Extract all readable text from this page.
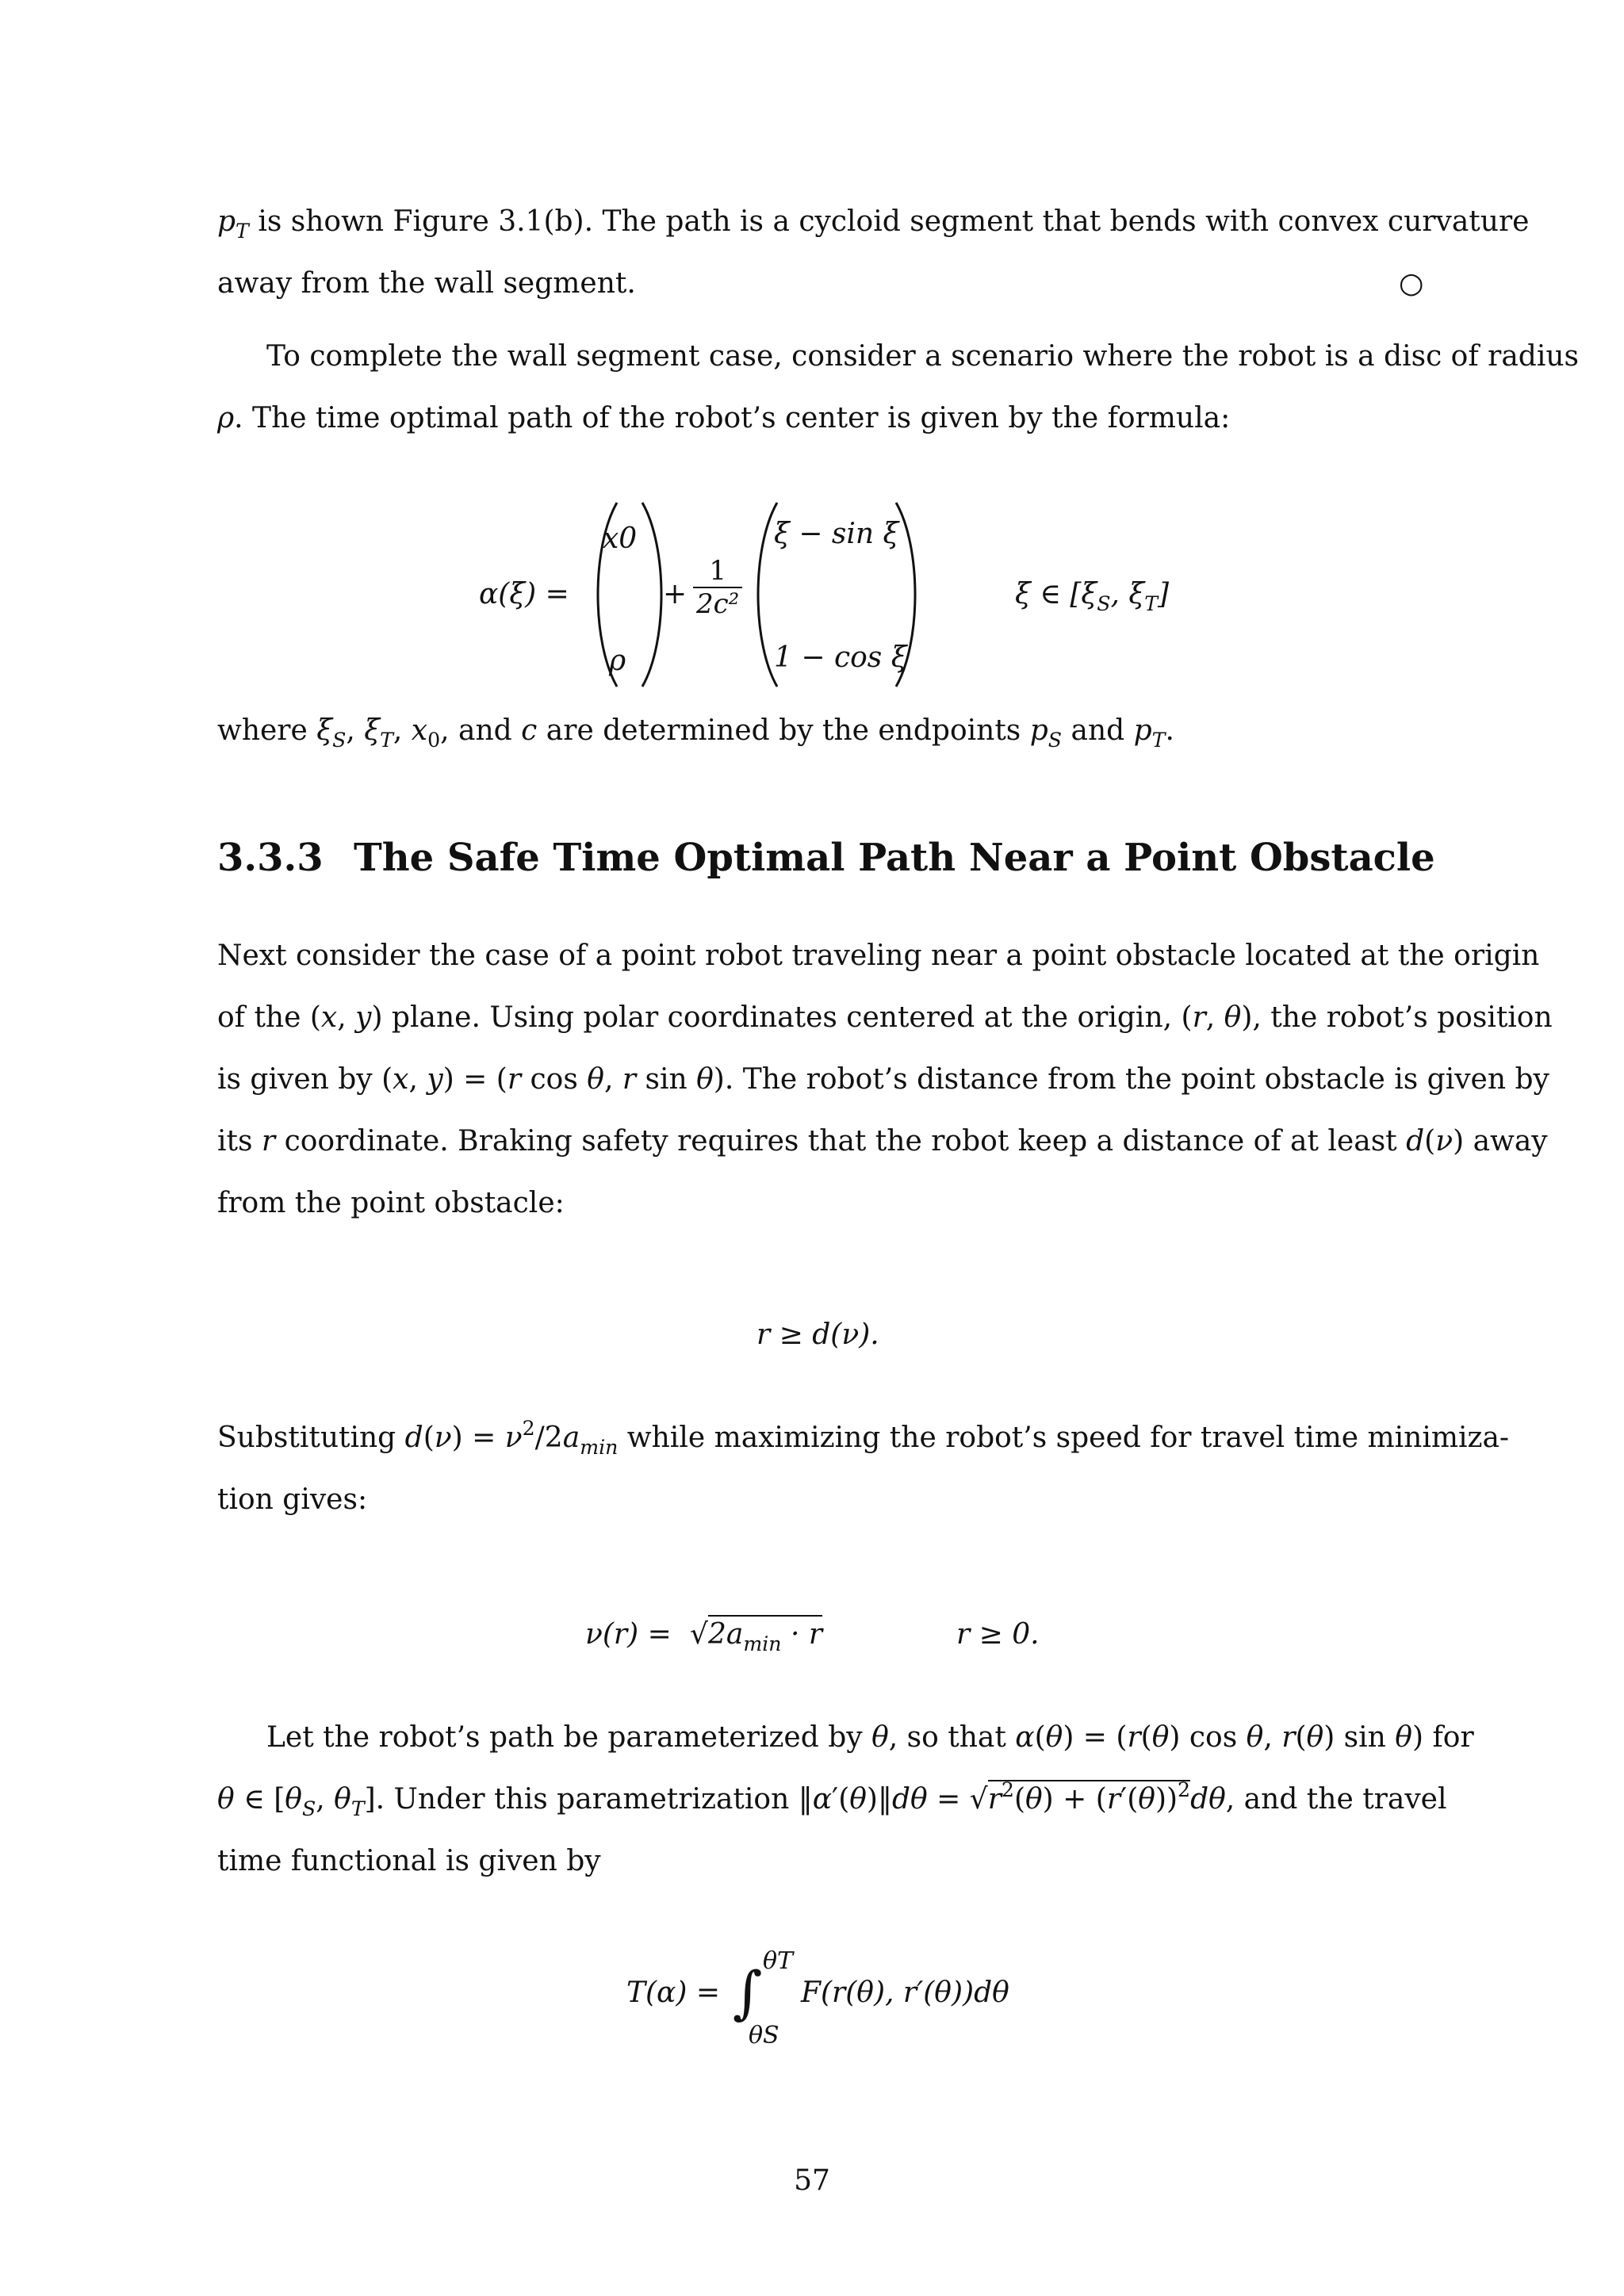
$p_T$ is shown Figure 3.1(b). The path is a cycloid segment that bends with convex curvature
away from the wall segment.	○
To complete the wall segment case, consider a scenario where the robot is a disc of radius
ρ. The time optimal path of the robot’s center is given by the formula:
α(ξ) =
x0
ρ
+ $\frac{1}{\text{2c²}}$
ξ − sin ξ
1 − cos ξ
ξ ∈ [$\xi_S$, $\xi_T$]
where $\xi_S$, $\xi_T$, $x_0$, and c are determined by the endpoints $p_S$ and $p_T$.
3.3.3 The Safe Time Optimal Path Near a Point Obstacle
Next consider the case of a point robot traveling near a point obstacle located at the origin
of the (x, y) plane. Using polar coordinates centered at the origin, (r, θ), the robot’s position
is given by (x, y) = (r cos θ, r sin θ). The robot’s distance from the point obstacle is given by
its r coordinate. Braking safety requires that the robot keep a distance of at least d(ν) away
from the point obstacle:
r ≥ d(ν).
Substituting $d(\nu) = \nu^2/2a_{min}$ while maximizing the robot’s speed for travel time minimiza-
tion gives:
$\nu(r) = √2a_{min} \cdot r$	r ≥ 0.
Let the robot’s path be parameterized by θ, so that α(θ) = (r(θ) cos θ, r(θ) sin θ) for
θ ∈ [$\theta_S$, $\theta_T$]. Under this parametrization ‖α′(θ)‖dθ = $√r^2(\theta) + (r'(\theta))^2d\theta$, and the travel
time functional is given by
T(α) = ∫ θT
θS
F(r(θ), r′(θ))dθ
57
